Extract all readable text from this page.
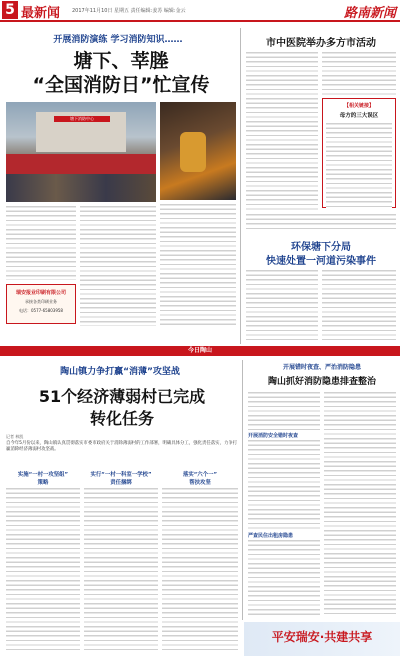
5 最新闻 2017年11月10日 星期五 责任编辑:姜苏 编辑:金云	路南新闻
开展消防演练 学习消防知识……
塘下、莘塍
“全国消防日”忙宣传
塘下消防中心

瑞安报业印刷有限公司
承接各类印刷业务
电话：0577-65803958
市中医院举办多方市活动

【相关链接】
母方的三大误区
环保塘下分局
快速处置一河道污染事件

今日陶山
陶山镇力争打赢“消薄”攻坚战
51个经济薄弱村已完成
转化任务
记者 林凯
自今年5月份以来，陶山镇认真贯彻落实市委市政府关于消除薄弱村的工作部署，明确具体分工，强化责任落实，力争打赢消除经济薄弱村攻坚战。
实施“一村一攻坚组”
策略
实行“一村一科室一学校”
责任捆绑
落实“六个一”
帮扶攻坚
开展错时夜查、严治消防隐患
陶山抓好消防隐患排查整治

开展消防安全错时夜查
严查民住出租房隐患
平安瑞安·共建共享
